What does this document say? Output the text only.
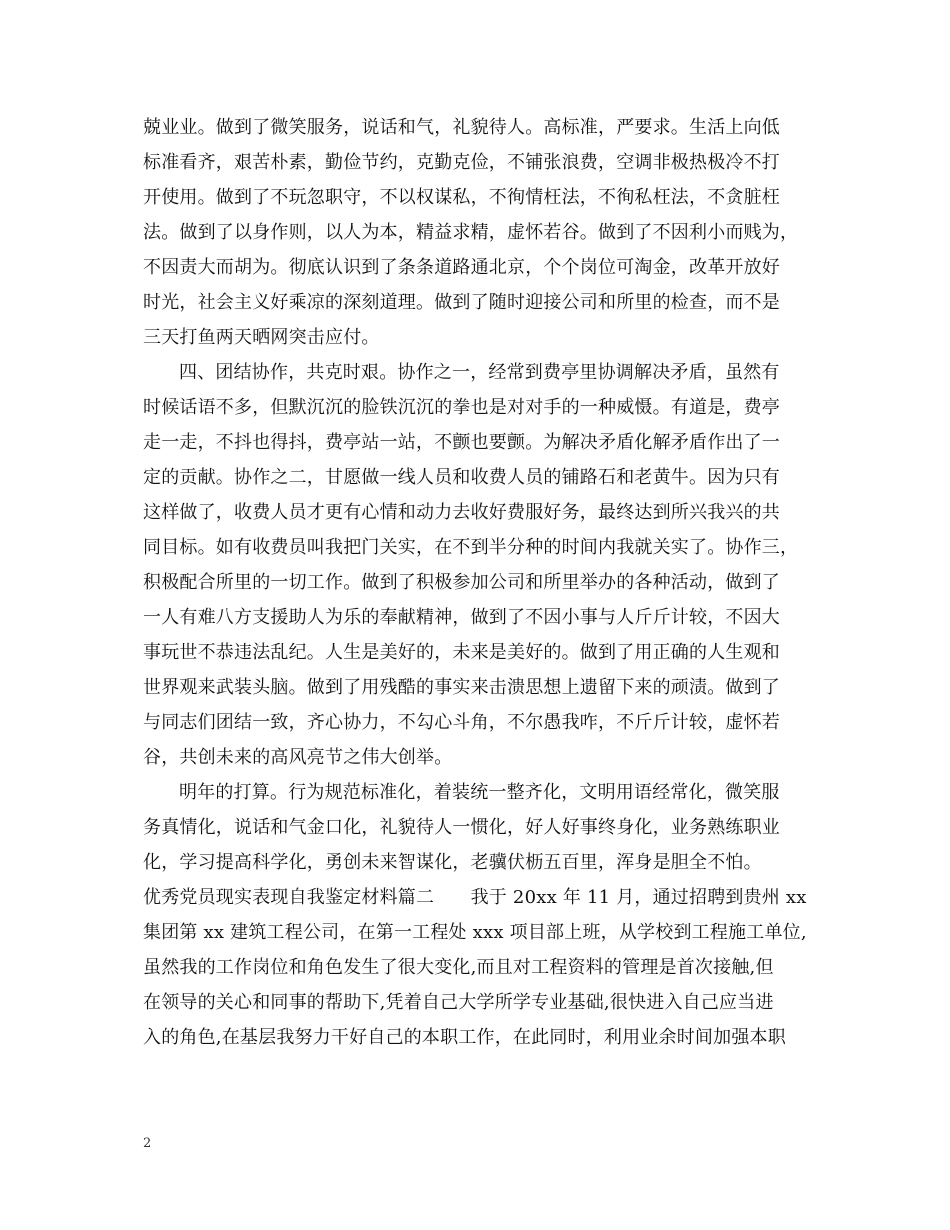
兢业业。做到了微笑服务，说话和气，礼貌待人。高标准，严要求。生活上向低
标准看齐，艰苦朴素，勤俭节约，克勤克俭，不铺张浪费，空调非极热极冷不打
开使用。做到了不玩忽职守，不以权谋私，不徇情枉法，不徇私枉法，不贪脏枉
法。做到了以身作则，以人为本，精益求精，虚怀若谷。做到了不因利小而贱为，
不因责大而胡为。彻底认识到了条条道路通北京，个个岗位可淘金，改革开放好
时光，社会主义好乘凉的深刻道理。做到了随时迎接公司和所里的检查，而不是
三天打鱼两天晒网突击应付。
四、团结协作，共克时艰。协作之一，经常到费亭里协调解决矛盾，虽然有
时候话语不多，但默沉沉的脸铁沉沉的拳也是对对手的一种威慑。有道是，费亭
走一走，不抖也得抖，费亭站一站，不颤也要颤。为解决矛盾化解矛盾作出了一
定的贡献。协作之二，甘愿做一线人员和收费人员的铺路石和老黄牛。因为只有
这样做了，收费人员才更有心情和动力去收好费服好务，最终达到所兴我兴的共
同目标。如有收费员叫我把门关实，在不到半分种的时间内我就关实了。协作三，
积极配合所里的一切工作。做到了积极参加公司和所里举办的各种活动，做到了
一人有难八方支援助人为乐的奉献精神，做到了不因小事与人斤斤计较，不因大
事玩世不恭违法乱纪。人生是美好的，未来是美好的。做到了用正确的人生观和
世界观来武装头脑。做到了用残酷的事实来击溃思想上遗留下来的顽渍。做到了
与同志们团结一致，齐心协力，不勾心斗角，不尔愚我咋，不斤斤计较，虚怀若
谷，共创未来的高风亮节之伟大创举。
明年的打算。行为规范标准化，着装统一整齐化，文明用语经常化，微笑服
务真情化，说话和气金口化，礼貌待人一惯化，好人好事终身化，业务熟练职业
化，学习提高科学化，勇创未来智谋化，老骥伏枥五百里，浑身是胆全不怕。
优秀党员现实表现自我鉴定材料篇二　　我于 20xx 年 11 月，通过招聘到贵州 xx
集团第 xx 建筑工程公司，在第一工程处 xxx 项目部上班，从学校到工程施工单位,
虽然我的工作岗位和角色发生了很大变化,而且对工程资料的管理是首次接触,但
在领导的关心和同事的帮助下,凭着自己大学所学专业基础,很快进入自己应当进
入的角色,在基层我努力干好自己的本职工作，在此同时，利用业余时间加强本职
2
